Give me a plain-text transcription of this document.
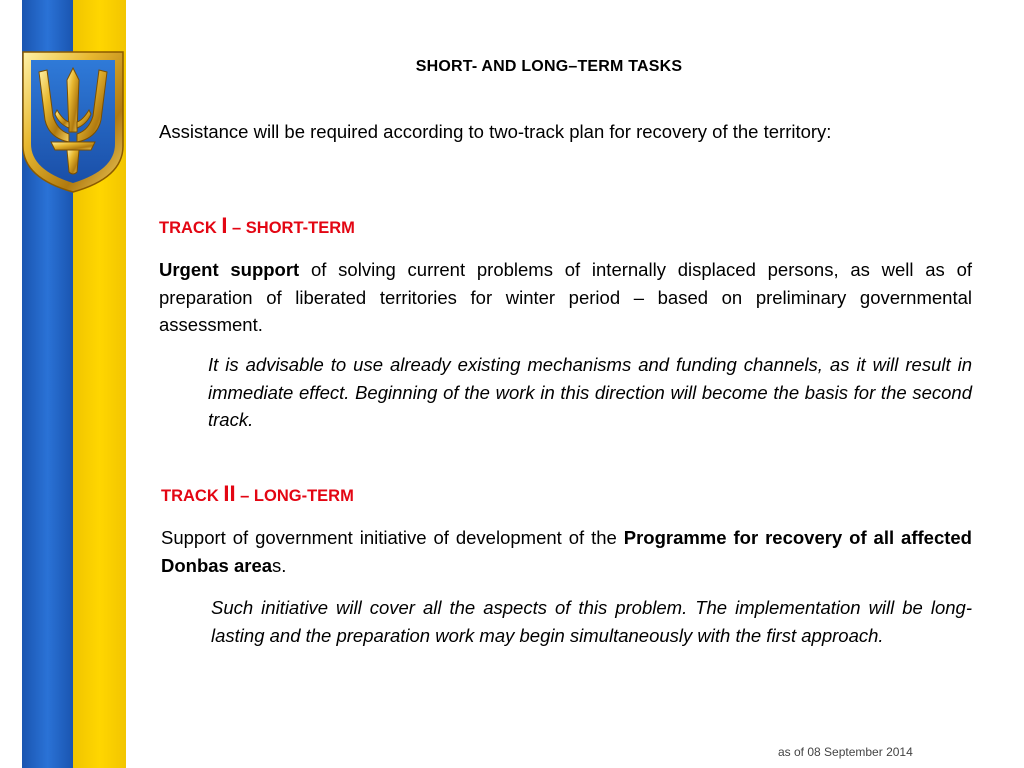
SHORT- AND LONG–TERM TASKS
Assistance will be required according to two-track plan for recovery of the territory:
TRACK I – SHORT-TERM
Urgent support of solving current problems of internally displaced persons, as well as of preparation of liberated territories for winter period – based on preliminary governmental assessment.
It is advisable to use already existing mechanisms and funding channels, as it will result in immediate effect. Beginning of the work in this direction will become the basis for the second track.
TRACK II – LONG-TERM
Support of government initiative of development of the Programme for recovery of all affected Donbas areas.
Such initiative will cover all the aspects of this problem. The implementation will be long-lasting and the preparation work may begin simultaneously with the first approach.
as of 08 September 2014
